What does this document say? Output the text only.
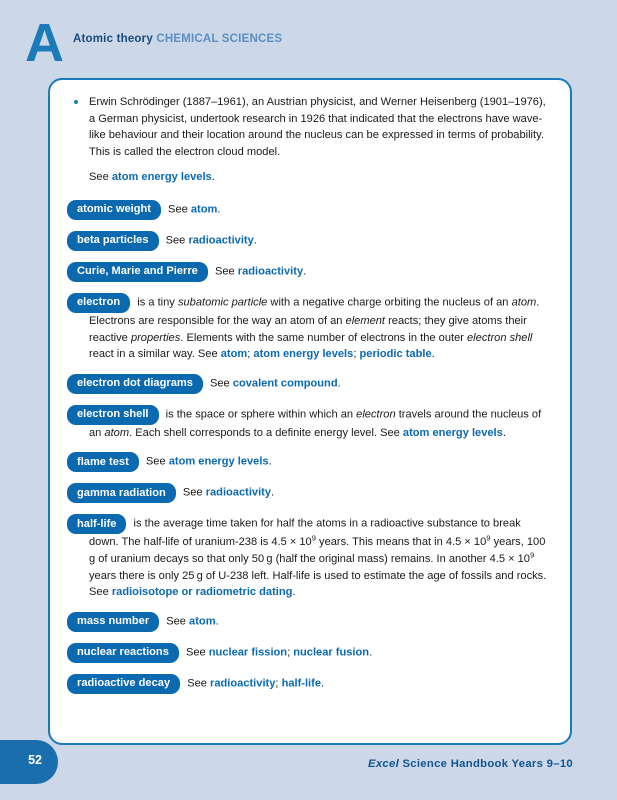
A Atomic theory CHEMICAL SCIENCES
Erwin Schrödinger (1887–1961), an Austrian physicist, and Werner Heisenberg (1901–1976), a German physicist, undertook research in 1926 that indicated that the electrons have wave-like behaviour and their location around the nucleus can be expressed in terms of probability. This is called the electron cloud model.
See atom energy levels.
atomic weight See atom.
beta particles See radioactivity.
Curie, Marie and Pierre See radioactivity.
electron is a tiny subatomic particle with a negative charge orbiting the nucleus of an atom. Electrons are responsible for the way an atom of an element reacts; they give atoms their reactive properties. Elements with the same number of electrons in the outer electron shell react in a similar way. See atom; atom energy levels; periodic table.
electron dot diagrams See covalent compound.
electron shell is the space or sphere within which an electron travels around the nucleus of an atom. Each shell corresponds to a definite energy level. See atom energy levels.
flame test See atom energy levels.
gamma radiation See radioactivity.
half-life is the average time taken for half the atoms in a radioactive substance to break down. The half-life of uranium-238 is $4.5 \times 10^9$ years. This means that in $4.5 \times 10^9$ years, 100 g of uranium decays so that only 50 g (half the original mass) remains. In another $4.5 \times 10^9$ years there is only 25 g of U-238 left. Half-life is used to estimate the age of fossils and rocks. See radioisotope or radiometric dating.
mass number See atom.
nuclear reactions See nuclear fission; nuclear fusion.
radioactive decay See radioactivity; half-life.
52	Excel Science Handbook Years 9–10
